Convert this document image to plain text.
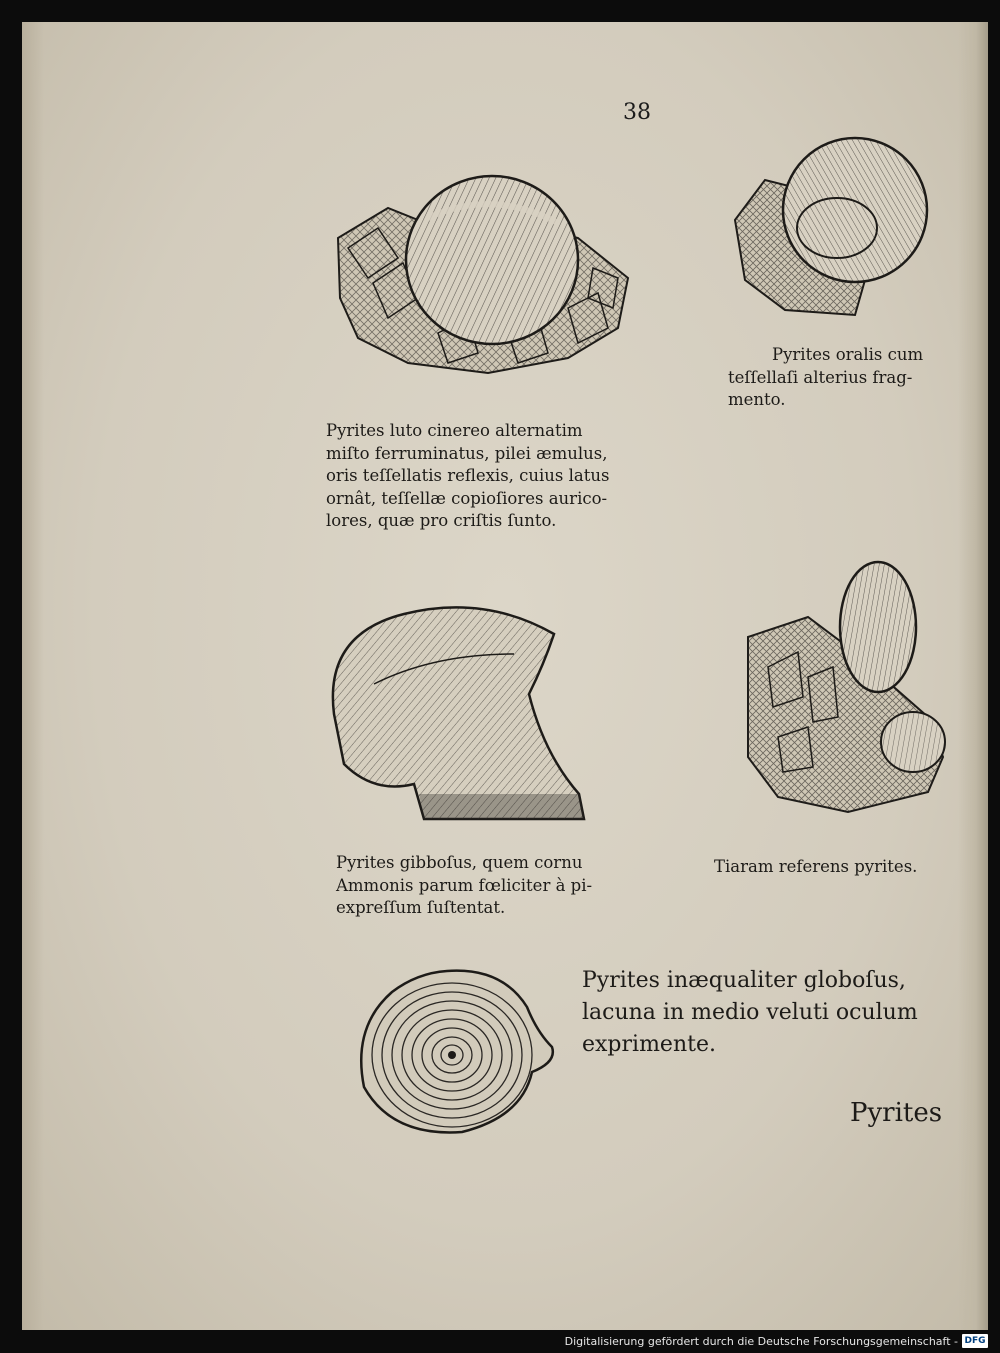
38
Pyrites luto cinereo alternatim
miſto ferruminatus, pilei æmulus,
oris teſſellatis reflexis, cuius latus
ornât, teſſellæ copioſiores aurico-
lores, quæ pro criſtis ſunto.
Pyrites oralis cum
teſſellaſi alterius frag-
mento.
Pyrites gibboſus, quem cornu
Ammonis parum fœliciter à pi-
expreſſum ſuſtentat.
Tiaram referens pyrites.
Pyrites inæqualiter globoſus,
lacuna in medio veluti oculum
exprimente.
Pyrites
Digitalisierung gefördert durch die Deutsche Forschungsgemeinschaft - DFG
